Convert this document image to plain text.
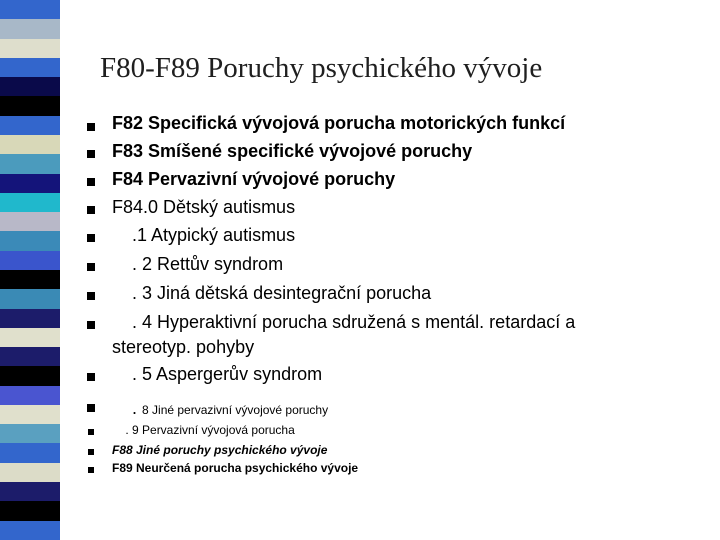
F80-F89 Poruchy psychického vývoje
F82 Specifická vývojová porucha motorických funkcí
F83 Smíšené specifické vývojové poruchy
F84 Pervazivní vývojové poruchy
F84.0 Dětský autismus
.1 Atypický autismus
. 2 Rettův syndrom
. 3 Jiná dětská desintegrační porucha
. 4 Hyperaktivní porucha sdružená s mentál. retardací a
stereotyp. pohyby
. 5 Aspergerův syndrom
. 8 Jiné pervazivní vývojové poruchy
. 9 Pervazivní vývojová porucha
F88 Jiné poruchy psychického vývoje
F89 Neurčená porucha psychického vývoje
